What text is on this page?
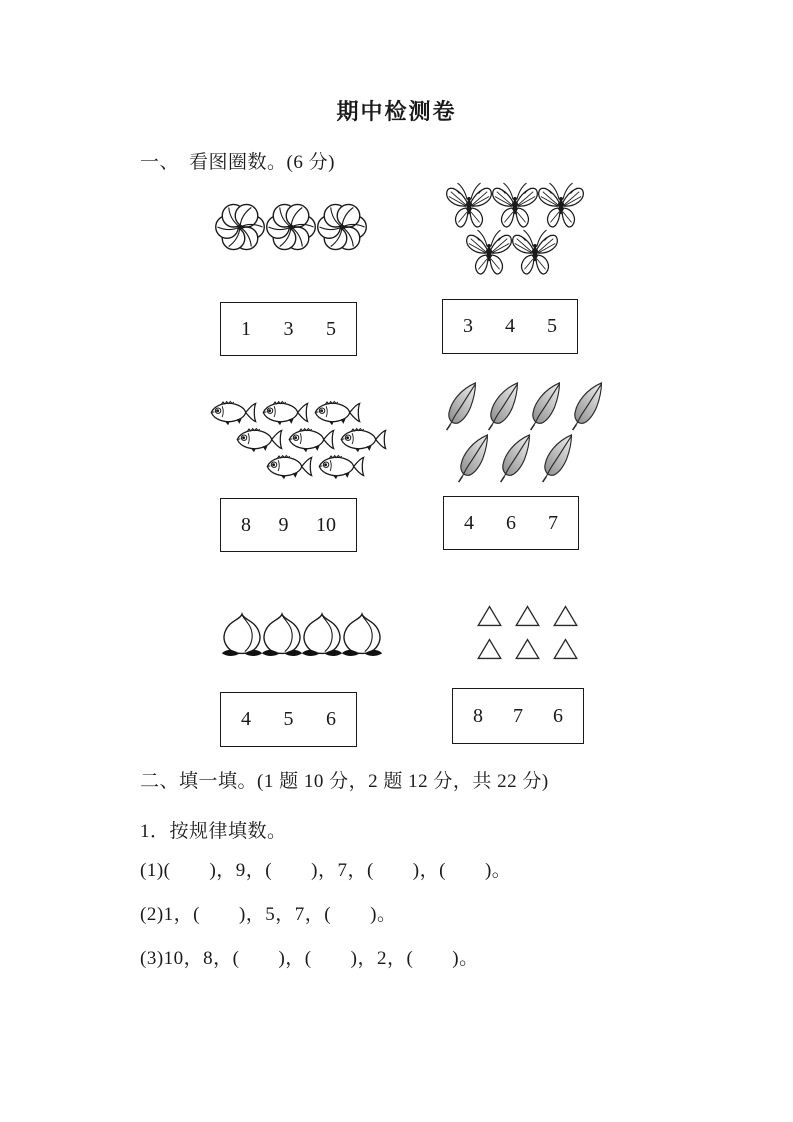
期中检测卷
一、　看图圈数。(6 分)
1 3 5	3 4 5
8 9 10	4 6 7
4 5 6	8 7 6
二、填一填。(1 题 10 分，2 题 12 分，共 22 分)
1．按规律填数。
(1)(　　)，9，(　　)，7，(　　)，(　　)。
(2)1，(　　)，5，7，(　　)。
(3)10，8，(　　)，(　　)，2，(　　)。
